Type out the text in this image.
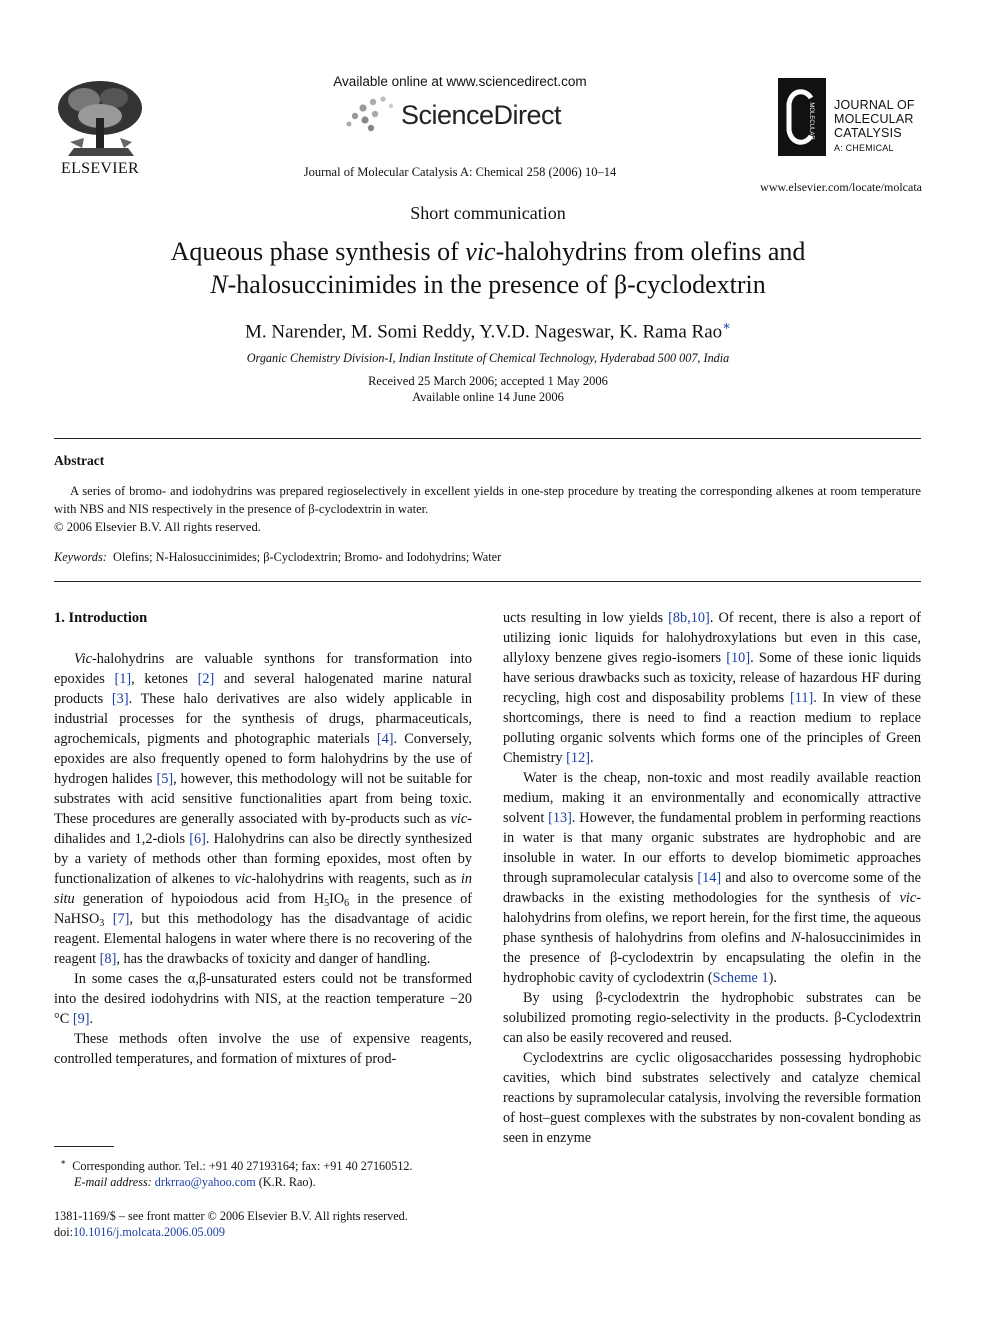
ELSEVIER
Available online at www.sciencedirect.com
ScienceDirect
Journal of Molecular Catalysis A: Chemical 258 (2006) 10–14
MOLECULAR JOURNAL OF
MOLECULAR
CATALYSIS
A: CHEMICAL
www.elsevier.com/locate/molcata
Short communication
Aqueous phase synthesis of vic-halohydrins from olefins and
N-halosuccinimides in the presence of β-cyclodextrin
M. Narender, M. Somi Reddy, Y.V.D. Nageswar, K. Rama Rao∗
Organic Chemistry Division-I, Indian Institute of Chemical Technology, Hyderabad 500 007, India
Received 25 March 2006; accepted 1 May 2006
Available online 14 June 2006
Abstract
A series of bromo- and iodohydrins was prepared regioselectively in excellent yields in one-step procedure by treating the corresponding alkenes at room temperature with NBS and NIS respectively in the presence of β-cyclodextrin in water.
© 2006 Elsevier B.V. All rights reserved.
Keywords: Olefins; N-Halosuccinimides; β-Cyclodextrin; Bromo- and Iodohydrins; Water
1. Introduction

Vic-halohydrins are valuable synthons for transformation into epoxides [1], ketones [2] and several halogenated marine natural products [3]. These halo derivatives are also widely applicable in industrial processes for the synthesis of drugs, pharmaceuticals, agrochemicals, pigments and photographic materials [4]. Conversely, epoxides are also frequently opened to form halohydrins by the use of hydrogen halides [5], however, this methodology will not be suitable for substrates with acid sensitive functionalities apart from being toxic. These procedures are generally associated with by-products such as vic-dihalides and 1,2-diols [6]. Halohydrins can also be directly synthesized by a variety of methods other than forming epoxides, most often by functionalization of alkenes to vic-halohydrins with reagents, such as in situ generation of hypoiodous acid from $H_5IO_6$ in the presence of NaHSO$_3$ [7], but this methodology has the disadvantage of acidic reagent. Elemental halogens in water where there is no recovering of the reagent [8], has the drawbacks of toxicity and danger of handling.

In some cases the α,β-unsaturated esters could not be transformed into the desired iodohydrins with NIS, at the reaction temperature −20 °C [9].

These methods often involve the use of expensive reagents, controlled temperatures, and formation of mixtures of prod-

ucts resulting in low yields [8b,10]. Of recent, there is also a report of utilizing ionic liquids for halohydroxylations but even in this case, allyloxy benzene gives regio-isomers [10]. Some of these ionic liquids have serious drawbacks such as toxicity, release of hazardous HF during recycling, high cost and disposability problems [11]. In view of these shortcomings, there is need to find a reaction medium to replace polluting organic solvents which forms one of the principles of Green Chemistry [12].

Water is the cheap, non-toxic and most readily available reaction medium, making it an environmentally and economically attractive solvent [13]. However, the fundamental problem in performing reactions in water is that many organic substrates are hydrophobic and are insoluble in water. In our efforts to develop biomimetic approaches through supramolecular catalysis [14] and also to overcome some of the drawbacks in the existing methodologies for the synthesis of vic-halohydrins from olefins, we report herein, for the first time, the aqueous phase synthesis of halohydrins from olefins and N-halosuccinimides in the presence of β-cyclodextrin by encapsulating the olefin in the hydrophobic cavity of cyclodextrin (Scheme 1).

By using β-cyclodextrin the hydrophobic substrates can be solubilized promoting regio-selectivity in the products. β-Cyclodextrin can also be easily recovered and reused.

Cyclodextrins are cyclic oligosaccharides possessing hydrophobic cavities, which bind substrates selectively and catalyze chemical reactions by supramolecular catalysis, involving the reversible formation of host–guest complexes with the substrates by non-covalent bonding as seen in enzyme

∗ Corresponding author. Tel.: +91 40 27193164; fax: +91 40 27160512.
E-mail address: drkrrao@yahoo.com (K.R. Rao).
1381-1169/$ – see front matter © 2006 Elsevier B.V. All rights reserved.
doi:10.1016/j.molcata.2006.05.009
